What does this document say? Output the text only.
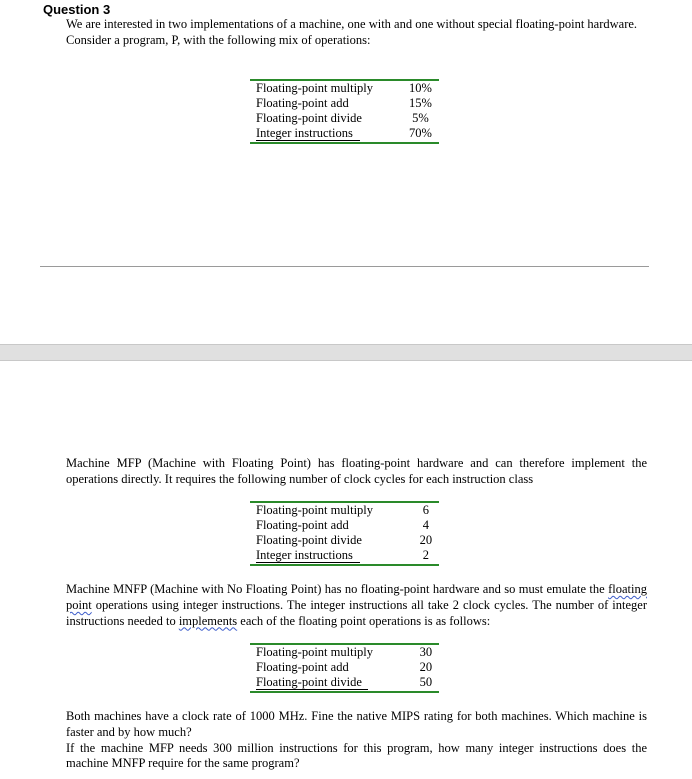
Question 3
We are interested in two implementations of a machine, one with and one without special floating-point hardware.
Consider a program, P, with the following mix of operations:
Floating-point multiply	10%
Floating-point add	15%
Floating-point divide	5%
Integer instructions	70%
Machine MFP (Machine with Floating Point) has floating-point hardware and can therefore implement the operations directly. It requires the following number of clock cycles for each instruction class
Floating-point multiply	6
Floating-point add	4
Floating-point divide	20
Integer instructions	2
Machine MNFP (Machine with No Floating Point) has no floating-point hardware and so must emulate the floating point operations using integer instructions. The integer instructions all take 2 clock cycles. The number of integer instructions needed to implements each of the floating point operations is as follows:
Floating-point multiply	30
Floating-point add	20
Floating-point divide	50
Both machines have a clock rate of 1000 MHz. Fine the native MIPS rating for both machines. Which machine is faster and by how much?
If the machine MFP needs 300 million instructions for this program, how many integer instructions does the machine MNFP require for the same program?
